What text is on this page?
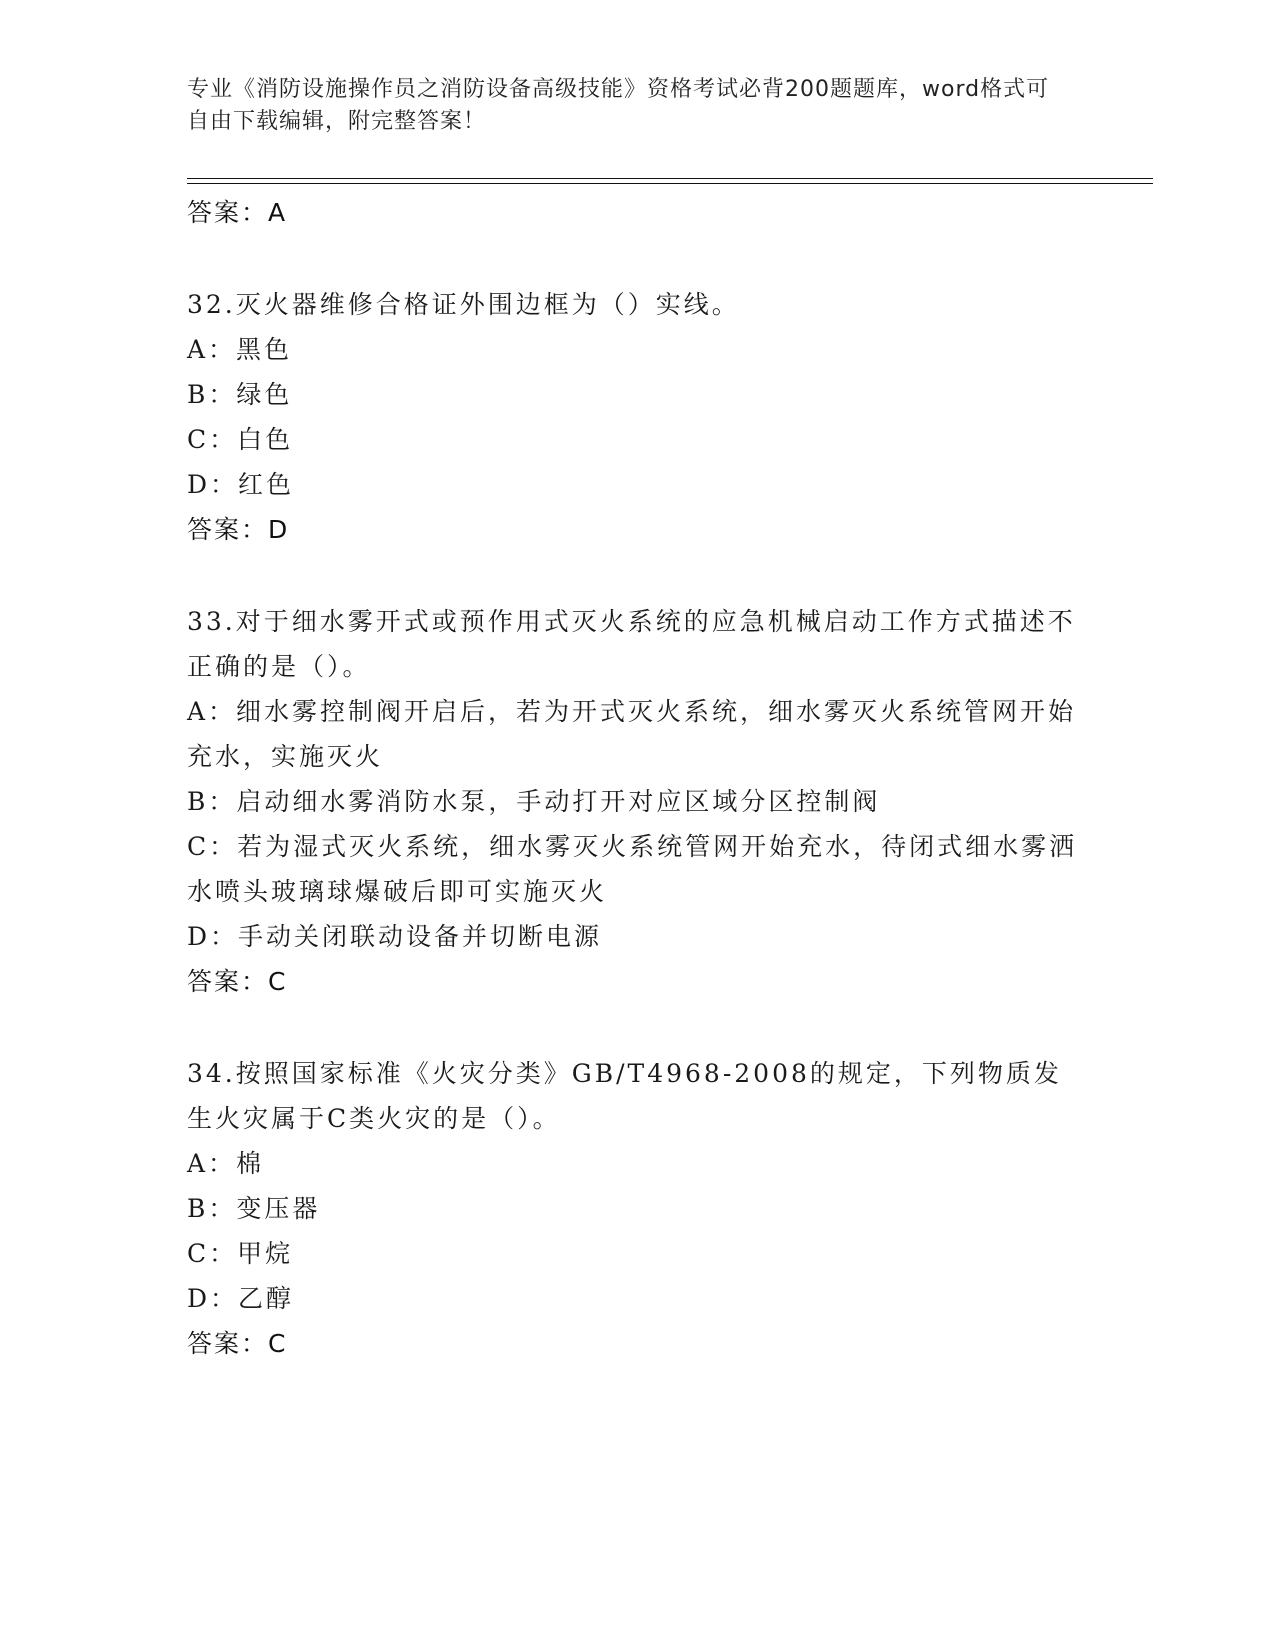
专业《消防设施操作员之消防设备高级技能》资格考试必背200题题库，word格式可自由下载编辑，附完整答案！
答案：A
32.灭火器维修合格证外围边框为（）实线。
A：黑色
B：绿色
C：白色
D：红色
答案：D
33.对于细水雾开式或预作用式灭火系统的应急机械启动工作方式描述不正确的是（）。
A：细水雾控制阀开启后，若为开式灭火系统，细水雾灭火系统管网开始充水，实施灭火
B：启动细水雾消防水泵，手动打开对应区域分区控制阀
C：若为湿式灭火系统，细水雾灭火系统管网开始充水，待闭式细水雾洒水喷头玻璃球爆破后即可实施灭火
D：手动关闭联动设备并切断电源
答案：C
34.按照国家标准《火灾分类》GB/T4968-2008的规定，下列物质发生火灾属于C类火灾的是（）。
A：棉
B：变压器
C：甲烷
D：乙醇
答案：C
